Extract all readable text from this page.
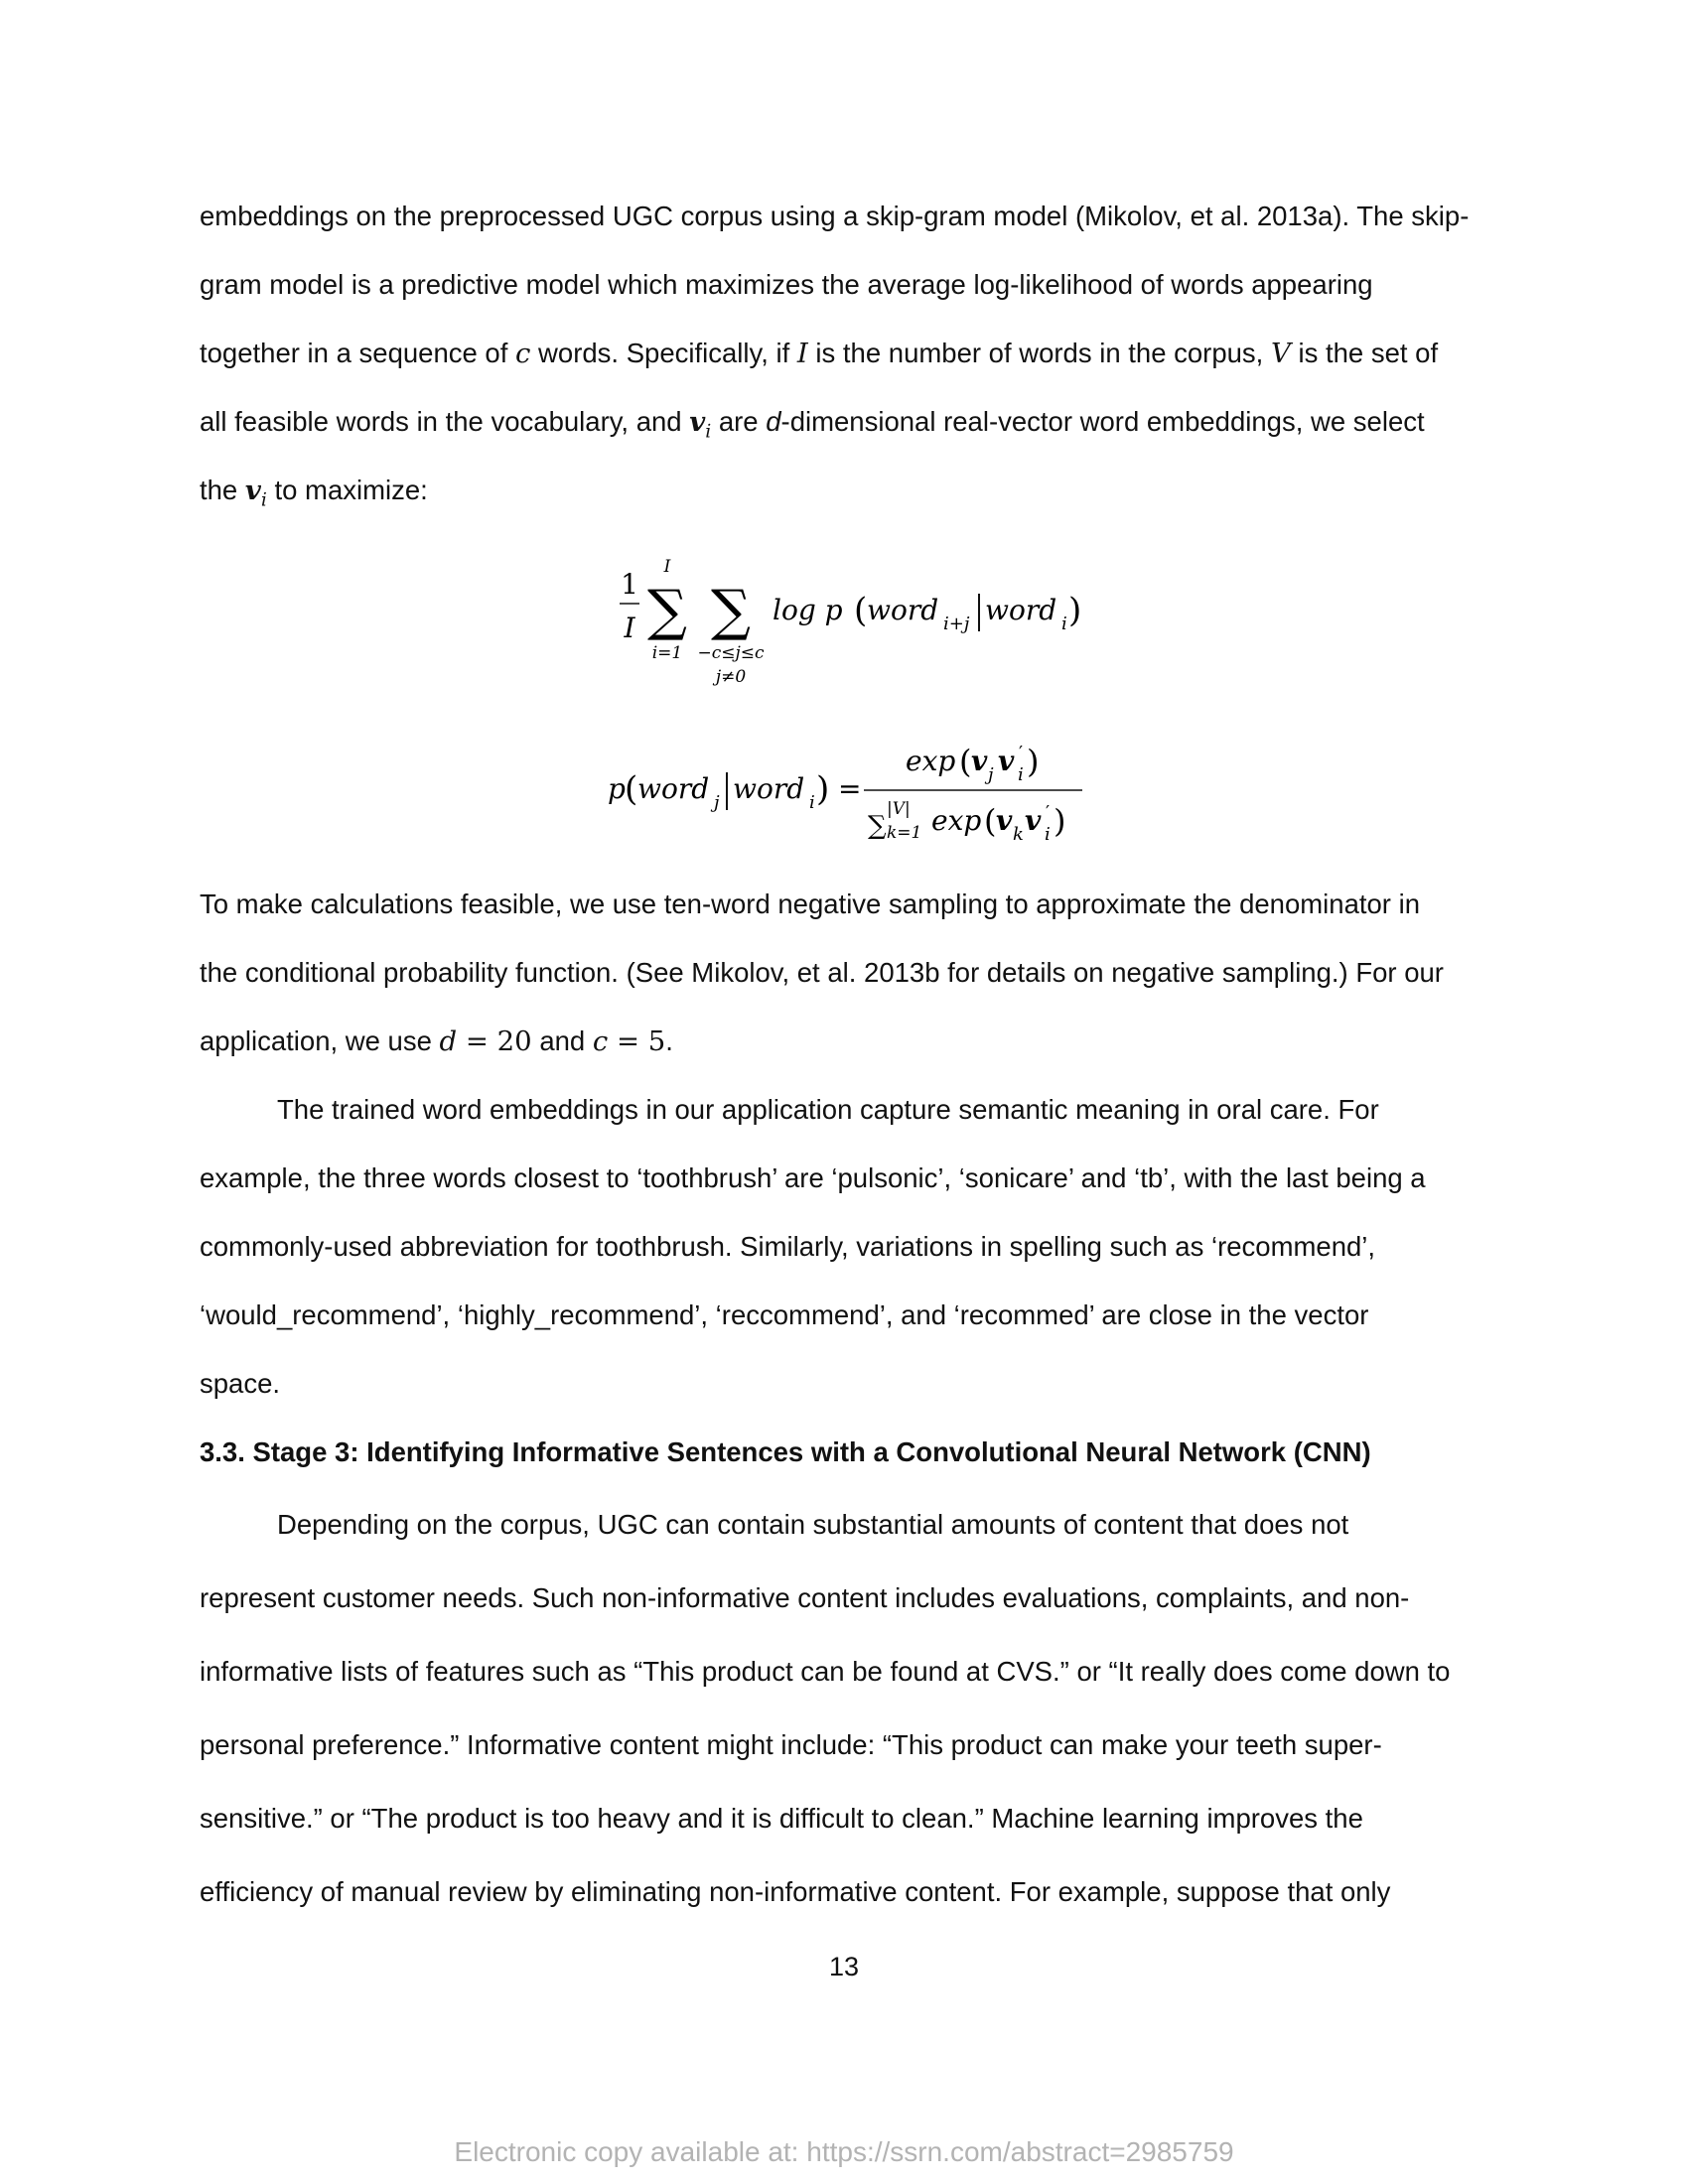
embeddings on the preprocessed UGC corpus using a skip-gram model (Mikolov, et al. 2013a). The skip-
gram model is a predictive model which maximizes the average log-likelihood of words appearing
together in a sequence of c words. Specifically, if I is the number of words in the corpus, V is the set of
all feasible words in the vocabulary, and $v_i$ are d-dimensional real-vector word embeddings, we select
the $v_i$ to maximize:
1
I
I
∑
i=1
∑
−c≤j≤c
j≠0
log p ( word i+j word i )
p ( word j word i ) =
exp ( v j v ′
i )
∑
|V|
k=1 exp ( v k v ′
i )
To make calculations feasible, we use ten-word negative sampling to approximate the denominator in
the conditional probability function. (See Mikolov, et al. 2013b for details on negative sampling.) For our
application, we use d = 20 and c = 5.
The trained word embeddings in our application capture semantic meaning in oral care. For
example, the three words closest to ‘toothbrush’ are ‘pulsonic’, ‘sonicare’ and ‘tb’, with the last being a
commonly-used abbreviation for toothbrush. Similarly, variations in spelling such as ‘recommend’,
‘would_recommend’, ‘highly_recommend’, ‘reccommend’, and ‘recommed’ are close in the vector
space.
3.3. Stage 3: Identifying Informative Sentences with a Convolutional Neural Network (CNN)
Depending on the corpus, UGC can contain substantial amounts of content that does not
represent customer needs. Such non-informative content includes evaluations, complaints, and non-
informative lists of features such as “This product can be found at CVS.” or “It really does come down to
personal preference.” Informative content might include: “This product can make your teeth super-
sensitive.” or “The product is too heavy and it is difficult to clean.” Machine learning improves the
efficiency of manual review by eliminating non-informative content. For example, suppose that only
13
Electronic copy available at: https://ssrn.com/abstract=2985759
